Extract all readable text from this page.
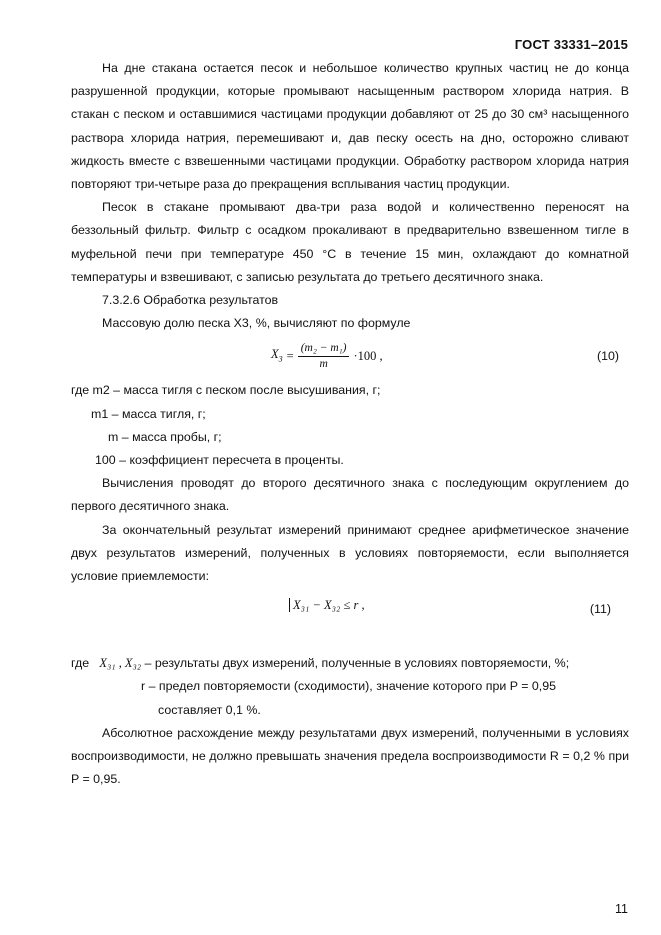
ГОСТ 33331–2015

На дне стакана остается песок и небольшое количество крупных частиц не до конца разрушенной продукции, которые промывают насыщенным раствором хлорида натрия. В стакан с песком и оставшимися частицами продукции добавляют от 25 до 30 см³ насыщенного раствора хлорида натрия, перемешивают и, дав песку осесть на дно, осторожно сливают жидкость вместе с взвешенными частицами продукции. Обработку раствором хлорида натрия повторяют три-четыре раза до прекращения всплывания частиц продукции.

Песок в стакане промывают два-три раза водой и количественно переносят на беззольный фильтр. Фильтр с осадком прокаливают в предварительно взвешенном тигле в муфельной печи при температуре 450 °С в течение 15 мин, охлаждают до комнатной температуры и взвешивают, с записью результата до третьего десятичного знака.

7.3.2.6 Обработка результатов

Массовую долю песка X3, %, вычисляют по формуле

$X_3 = \frac{\text{(m₂ − m₁)}}{m} \cdot 100$ ,	(10)

где m2 – масса тигля с песком после высушивания, г;

m1 – масса тигля, г;

m – масса пробы, г;

100 – коэффициент пересчета в проценты.

Вычисления проводят до второго десятичного знака с последующим округлением до первого десятичного знака.

За окончательный результат измерений принимают среднее арифметическое значение двух результатов измерений, полученных в условиях повторяемости, если выполняется условие приемлемости:

X₃₁ − X₃₂ ≤ r ,	(11)

где X₃₁ , X₃₂ – результаты двух измерений, полученные в условиях повторяемости, %;

r – предел повторяемости (сходимости), значение которого при P = 0,95

составляет 0,1 %.

Абсолютное расхождение между результатами двух измерений, полученными в условиях воспроизводимости, не должно превышать значения предела воспроизводимости R = 0,2 % при P = 0,95.

11
